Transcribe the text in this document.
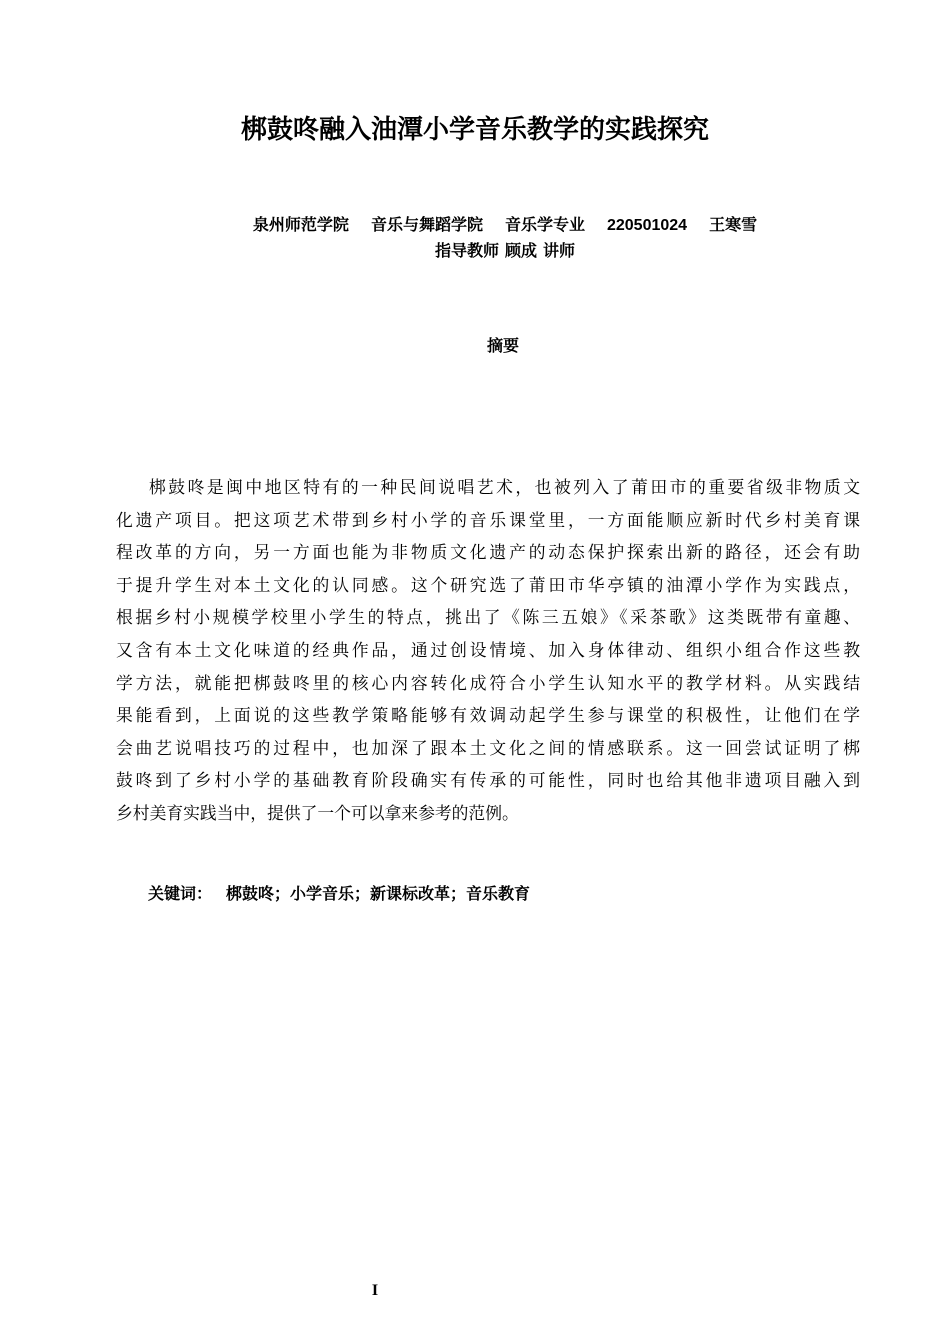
梆鼓咚融入油潭小学音乐教学的实践探究
泉州师范学院 音乐与舞蹈学院 音乐学专业 220501024 王寒雪
指导教师 顾成 讲师
摘要
梆鼓咚是闽中地区特有的一种民间说唱艺术，也被列入了莆田市的重要省级非物质文
化遗产项目。把这项艺术带到乡村小学的音乐课堂里，一方面能顺应新时代乡村美育课
程改革的方向，另一方面也能为非物质文化遗产的动态保护探索出新的路径，还会有助
于提升学生对本土文化的认同感。这个研究选了莆田市华亭镇的油潭小学作为实践点，
根据乡村小规模学校里小学生的特点，挑出了《陈三五娘》《采茶歌》这类既带有童趣、
又含有本土文化味道的经典作品，通过创设情境、加入身体律动、组织小组合作这些教
学方法，就能把梆鼓咚里的核心内容转化成符合小学生认知水平的教学材料。从实践结
果能看到，上面说的这些教学策略能够有效调动起学生参与课堂的积极性，让他们在学
会曲艺说唱技巧的过程中，也加深了跟本土文化之间的情感联系。这一回尝试证明了梆
鼓咚到了乡村小学的基础教育阶段确实有传承的可能性，同时也给其他非遗项目融入到
乡村美育实践当中，提供了一个可以拿来参考的范例。
关键词： 梆鼓咚；小学音乐；新课标改革；音乐教育
I
